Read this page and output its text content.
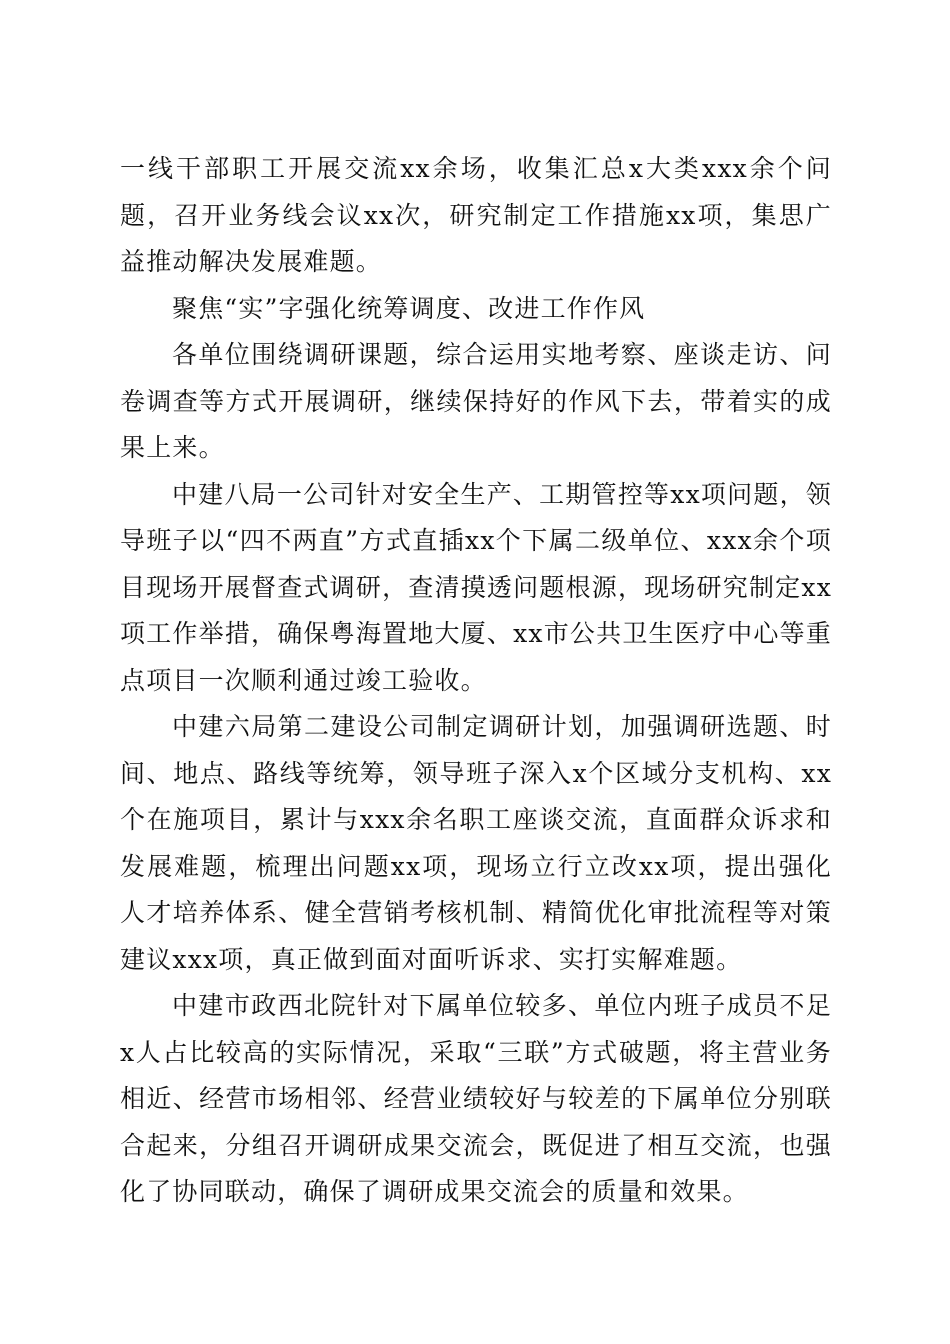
一线干部职工开展交流xx余场，收集汇总x大类xxx余个问题，召开业务线会议xx次，研究制定工作措施xx项，集思广益推动解决发展难题。

聚焦“实”字强化统筹调度、改进工作作风

各单位围绕调研课题，综合运用实地考察、座谈走访、问卷调查等方式开展调研，继续保持好的作风下去，带着实的成果上来。

中建八局一公司针对安全生产、工期管控等xx项问题，领导班子以“四不两直”方式直插xx个下属二级单位、xxx余个项目现场开展督查式调研，查清摸透问题根源，现场研究制定xx项工作举措，确保粤海置地大厦、xx市公共卫生医疗中心等重点项目一次顺利通过竣工验收。

中建六局第二建设公司制定调研计划，加强调研选题、时间、地点、路线等统筹，领导班子深入x个区域分支机构、xx个在施项目，累计与xxx余名职工座谈交流，直面群众诉求和发展难题，梳理出问题xx项，现场立行立改xx项，提出强化人才培养体系、健全营销考核机制、精简优化审批流程等对策建议xxx项，真正做到面对面听诉求、实打实解难题。

中建市政西北院针对下属单位较多、单位内班子成员不足x人占比较高的实际情况，采取“三联”方式破题，将主营业务相近、经营市场相邻、经营业绩较好与较差的下属单位分别联合起来，分组召开调研成果交流会，既促进了相互交流，也强化了协同联动，确保了调研成果交流会的质量和效果。
